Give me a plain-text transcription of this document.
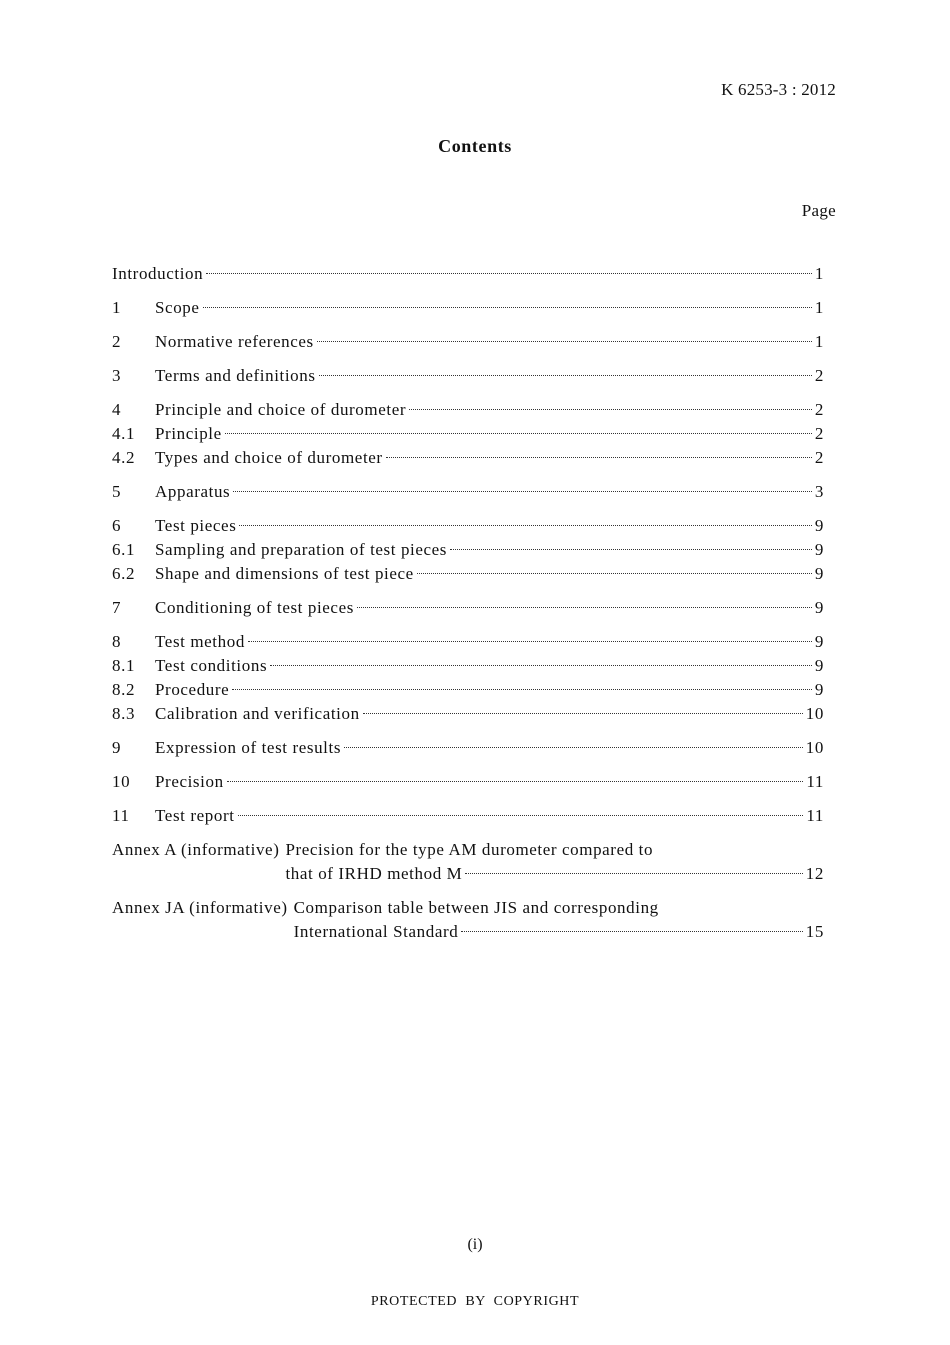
K 6253-3 : 2012
Contents
Page
Introduction	1
1	Scope	1
2	Normative references	1
3	Terms and definitions	2
4	Principle and choice of durometer	2
4.1	Principle	2
4.2	Types and choice of durometer	2
5	Apparatus	3
6	Test pieces	9
6.1	Sampling and preparation of test pieces	9
6.2	Shape and dimensions of test piece	9
7	Conditioning of test pieces	9
8	Test method	9
8.1	Test conditions	9
8.2	Procedure	9
8.3	Calibration and verification	10
9	Expression of test results	10
10	Precision	11
11	Test report	11
Annex A (informative) Precision for the type AM durometer compared to
that of IRHD method M	12
Annex JA (informative) Comparison table between JIS and corresponding
International Standard	15
(i)
PROTECTED  BY  COPYRIGHT
